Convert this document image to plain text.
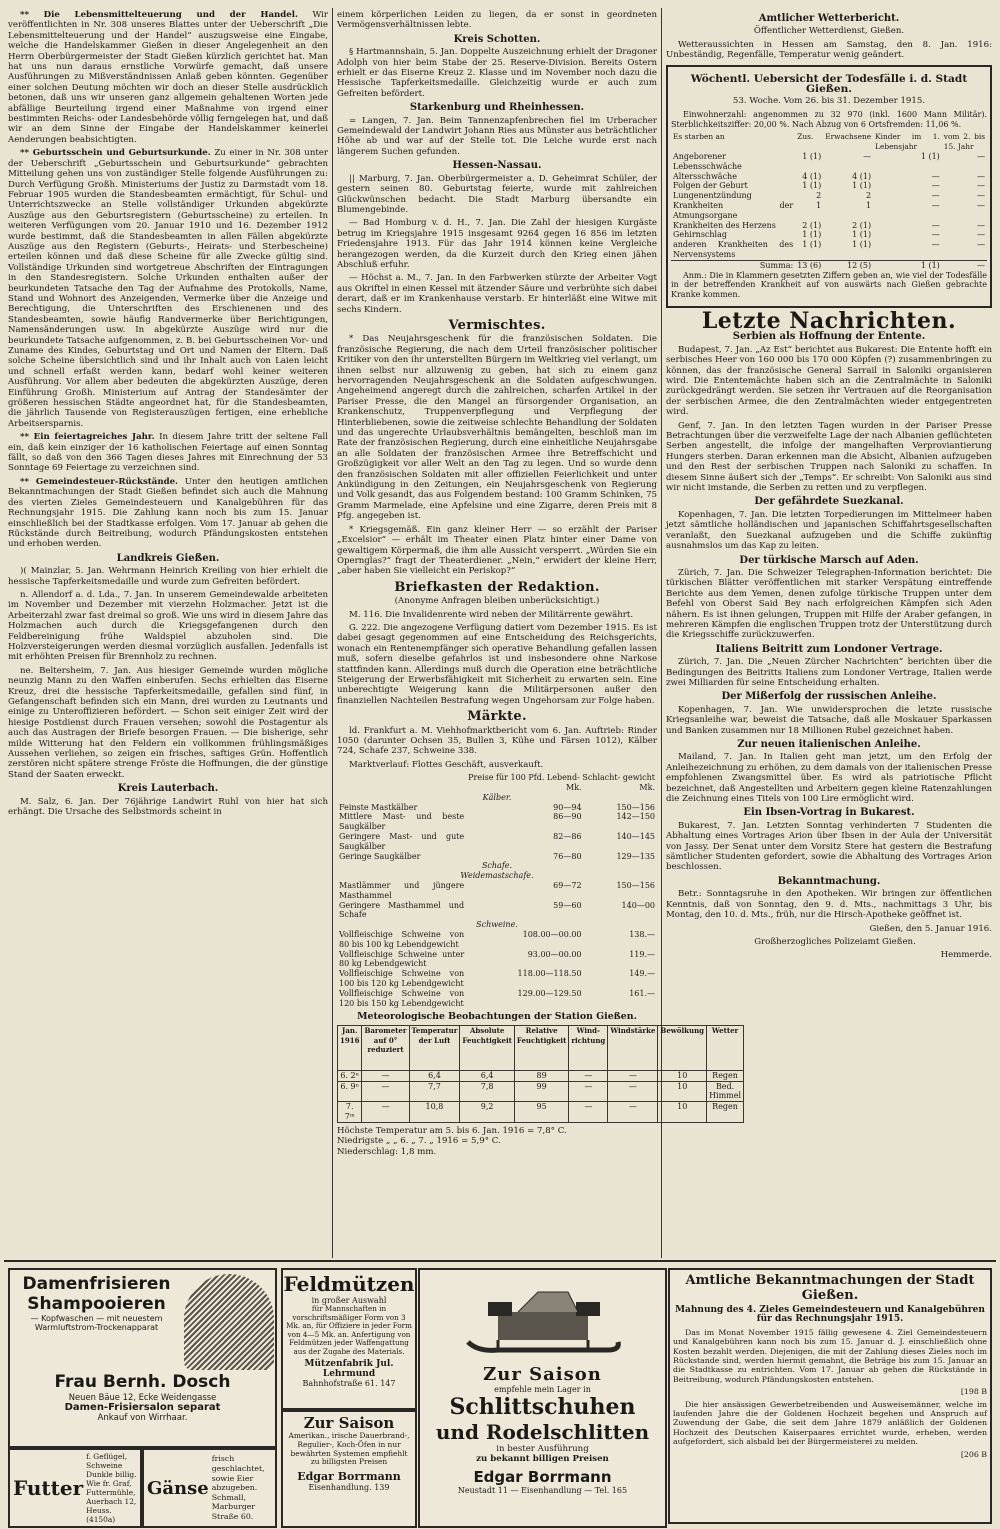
** Die Lebensmittelteuerung und der Handel. Wir veröffentlichten in Nr. 308 unseres Blattes unter der Ueberschrift „Die Lebensmittelteuerung und der Handel“ auszugsweise eine Eingabe, welche die Handelskammer Gießen in dieser Angelegenheit an den Herrn Oberbürgermeister der Stadt Gießen kürzlich gerichtet hat. Man hat uns nun daraus ernstliche Vorwürfe gemacht, daß unsere Ausführungen zu Mißverständnissen Anlaß geben könnten. Gegenüber einer solchen Deutung möchten wir doch an dieser Stelle ausdrücklich betonen, daß uns wir unseren ganz allgemein gehaltenen Worten jede abfällige Beurteilung irgend einer Maßnahme von irgend einer bestimmten Reichs- oder Landesbehörde völlig ferngelegen hat, und daß wir an dem Sinne der Eingabe der Handelskammer keinerlei Aenderungen beabsichtigten.

** Geburtsschein und Geburtsurkunde. Zu einer in Nr. 308 unter der Ueberschrift „Geburtsschein und Geburtsurkunde“ gebrachten Mitteilung gehen uns von zuständiger Stelle folgende Ausführungen zu: Durch Verfügung Großh. Ministeriums der Justiz zu Darmstadt vom 18. Februar 1905 wurden die Standesbeamten ermächtigt, für Schul- und Unterrichtszwecke an Stelle vollständiger Urkunden abgekürzte Auszüge aus den Geburtsregistern (Geburtsscheine) zu erteilen. In weiteren Verfügungen vom 20. Januar 1910 und 16. Dezember 1912 wurde bestimmt, daß die Standesbeamten in allen Fällen abgekürzte Auszüge aus den Registern (Geburts-, Heirats- und Sterbescheine) erteilen können und daß diese Scheine für alle Zwecke gültig sind. Vollständige Urkunden sind wortgetreue Abschriften der Eintragungen in den Standesregistern. Solche Urkunden enthalten außer der beurkundeten Tatsache den Tag der Aufnahme des Protokolls, Name, Stand und Wohnort des Anzeigenden, Vermerke über die Anzeige und Berechtigung, die Unterschriften des Erschienenen und des Standesbeamten, sowie häufig Randvermerke über Berichtigungen, Namensänderungen usw. In abgekürzte Auszüge wird nur die beurkundete Tatsache aufgenommen, z. B. bei Geburtsscheinen Vor- und Zuname des Kindes, Geburtstag und Ort und Namen der Eltern. Daß solche Scheine übersichtlich sind und ihr Inhalt auch von Laien leicht und schnell erfaßt werden kann, bedarf wohl keiner weiteren Ausführung. Vor allem aber bedeuten die abgekürzten Auszüge, deren Einführung Großh. Ministerium auf Antrag der Standesämter der größeren hessischen Städte angeordnet hat, für die Standesbeamten, die jährlich Tausende von Registerauszügen fertigen, eine erhebliche Arbeitsersparnis.

** Ein feiertagreiches Jahr. In diesem Jahre tritt der seltene Fall ein, daß kein einziger der 16 katholischen Feiertage auf einen Sonntag fällt, so daß von den 366 Tagen dieses Jahres mit Einrechnung der 53 Sonntage 69 Feiertage zu verzeichnen sind.

** Gemeindesteuer-Rückstände. Unter den heutigen amtlichen Bekanntmachungen der Stadt Gießen befindet sich auch die Mahnung des vierten Zieles Gemeindesteuern und Kanalgebühren für das Rechnungsjahr 1915. Die Zahlung kann noch bis zum 15. Januar einschließlich bei der Stadtkasse erfolgen. Vom 17. Januar ab gehen die Rückstände durch Beitreibung, wodurch Pfändungskosten entstehen und erhoben werden.

Landkreis Gießen.

)( Mainzlar, 5. Jan. Wehrmann Heinrich Kreiling von hier erhielt die hessische Tapferkeitsmedaille und wurde zum Gefreiten befördert.

n. Allendorf a. d. Lda., 7. Jan. In unserem Gemeindewalde arbeiteten im November und Dezember mit vierzehn Holzmacher. Jetzt ist die Arbeiterzahl zwar fast dreimal so groß. Wie uns wird in diesem Jahre das Holzmachen auch durch die Kriegsgefangenen durch den Feldbereinigung frühe Waldspiel abzuholen sind. Die Holzversteigerungen werden diesmal vorzüglich ausfallen. Jedenfalls ist mit erhöhten Preisen für Brennholz zu rechnen.

ne. Beltersheim, 7. Jan. Aus hiesiger Gemeinde wurden mögliche neunzig Mann zu den Waffen einberufen. Sechs erhielten das Eiserne Kreuz, drei die hessische Tapferkeitsmedaille, gefallen sind fünf, in Gefangenschaft befinden sich ein Mann, drei wurden zu Leutnants und einige zu Unteroffizieren befördert. — Schon seit einiger Zeit wird der hiesige Postdienst durch Frauen versehen; sowohl die Postagentur als auch das Austragen der Briefe besorgen Frauen. — Die bisherige, sehr milde Witterung hat den Feldern ein vollkommen frühlingsmäßiges Aussehen verliehen, so zeigen ein frisches, saftiges Grün. Hoffentlich zerstören nicht spätere strenge Fröste die Hoffnungen, die der günstige Stand der Saaten erweckt.

Kreis Lauterbach.

M. Salz, 6. Jan. Der 76jährige Landwirt Ruhl von hier hat sich erhängt. Die Ursache des Selbstmords scheint in

einem körperlichen Leiden zu liegen, da er sonst in geordneten Vermögensverhältnissen lebte.

Kreis Schotten.

§ Hartmannshain, 5. Jan. Doppelte Auszeichnung erhielt der Dragoner Adolph von hier beim Stabe der 25. Reserve-Division. Bereits Ostern erhielt er das Eiserne Kreuz 2. Klasse und im November noch dazu die Hessische Tapferkeitsmedaille. Gleichzeitig wurde er auch zum Gefreiten befördert.

Starkenburg und Rheinhessen.

= Langen, 7. Jan. Beim Tannenzapfenbrechen fiel im Urberacher Gemeindewald der Landwirt Johann Ries aus Münster aus beträchtlicher Höhe ab und war auf der Stelle tot. Die Leiche wurde erst nach längerem Suchen gefunden.

Hessen-Nassau.

|| Marburg, 7. Jan. Oberbürgermeister a. D. Geheimrat Schüler, der gestern seinen 80. Geburtstag feierte, wurde mit zahlreichen Glückwünschen bedacht. Die Stadt Marburg übersandte ein Blumengebinde.

— Bad Homburg v. d. H., 7. Jan. Die Zahl der hiesigen Kurgäste betrug im Kriegsjahre 1915 insgesamt 9264 gegen 16 856 im letzten Friedensjahre 1913. Für das Jahr 1914 können keine Vergleiche herangezogen werden, da die Kurzeit durch den Krieg einen jähen Abschluß erfuhr.

— Höchst a. M., 7. Jan. In den Farbwerken stürzte der Arbeiter Vogt aus Okriftel in einen Kessel mit ätzender Säure und verbrühte sich dabei derart, daß er im Krankenhause verstarb. Er hinterläßt eine Witwe mit sechs Kindern.

Vermischtes.

* Das Neujahrsgeschenk für die französischen Soldaten. Die französische Regierung, die nach dem Urteil französischer politischer Kritiker von den ihr unterstellten Bürgern im Weltkrieg viel verlangt, um ihnen selbst nur allzuwenig zu geben, hat sich zu einem ganz hervorragenden Neujahrsgeschenk an die Soldaten aufgeschwungen. Angeheimend angeregt durch die zahlreichen, scharfen Artikel in der Pariser Presse, die den Mangel an fürsorgender Organisation, an Krankenschutz, Truppenverpflegung und Verpflegung der Hinterbliebenen, sowie die zeitweise schlechte Behandlung der Soldaten und das ungerechte Urlaubsverhältnis bemängelten, beschloß man im Rate der französischen Regierung, durch eine einheitliche Neujahrsgabe an alle Soldaten der französischen Armee ihre Betreffschicht und Großzügigkeit vor aller Welt an den Tag zu legen. Und so wurde denn den französischen Soldaten mit aller offiziellen Feierlichkeit und unter Ankündigung in den Zeitungen, ein Neujahrsgeschenk von Regierung und Volk gesandt, das aus Folgendem bestand: 100 Gramm Schinken, 75 Gramm Marmelade, eine Apfelsine und eine Zigarre, deren Preis mit 8 Pfg. angegeben ist.

* Kriegsgemäß. Ein ganz kleiner Herr — so erzählt der Pariser „Excelsior“ — erhält im Theater einen Platz hinter einer Dame von gewaltigem Körpermaß, die ihm alle Aussicht versperrt. „Würden Sie ein Opernglas?“ fragt der Theaterdiener. „Nein,“ erwidert der kleine Herr, „aber haben Sie vielleicht ein Periskop?“

Briefkasten der Redaktion.
(Anonyme Anfragen bleiben unberücksichtigt.)

M. 116. Die Invalidenrente wird neben der Militärrente gewährt.

G. 222. Die angezogene Verfügung datiert vom Dezember 1915. Es ist dabei gesagt gegenommen auf eine Entscheidung des Reichsgerichts, wonach ein Rentenempfänger sich operative Behandlung gefallen lassen muß, sofern dieselbe gefahrlos ist und insbesondere ohne Narkose stattfinden kann. Allerdings muß durch die Operation eine beträchtliche Steigerung der Erwerbsfähigkeit mit Sicherheit zu erwarten sein. Eine unberechtigte Weigerung kann die Militärpersonen außer den finanziellen Nachteilen Bestrafung wegen Ungehorsam zur Folge haben.

Märkte.

ld. Frankfurt a. M. Viehhofmarktbericht vom 6. Jan. Auftrieb: Rinder 1050 (darunter Ochsen 35, Bullen 3, Kühe und Färsen 1012), Kälber 724, Schafe 237, Schweine 338.

Marktverlauf: Flottes Geschäft, ausverkauft.

	Preise für 100 Pfd. Lebend- Schlacht- gewicht	
	Mk.	Mk.
Kälber.		
Feinste Mastkälber	90—94	150—156
Mittlere Mast- und beste Saugkälber	86—90	142—150
Geringere Mast- und gute Saugkälber	82—86	140—145
Geringe Saugkälber	76—80	129—135
Schafe.		
Weidemastschafe.		
Mastlämmer und jüngere Masthammel	69—72	150—156
Geringere Masthammel und Schafe	59—60	140—00
Schweine.		
Vollfleischige Schweine von 80 bis 100 kg Lebendgewicht	108.00—00.00	138.—
Vollfleischige Schweine unter 80 kg Lebendgewicht	93.00—00.00	119.—
Vollfleischige Schweine von 100 bis 120 kg Lebendgewicht	118.00—118.50	149.—
Vollfleischige Schweine von 120 bis 150 kg Lebendgewicht	129.00—129.50	161.—
Meteorologische Beobachtungen der Station Gießen.
Jan. 1916	Barometer auf 0° reduziert	Temperatur der Luft	Absolute Feuchtigkeit	Relative Feuchtigkeit	Wind-richtung	Windstärke	Bewölkung	Wetter
6. 2ⁿ	—	6,4	6,4	89	—	—	10	Regen
6. 9ⁿ	—	7,7	7,8	99	—	—	10	Bed. Himmel
7. 7ᵐ	—	10,8	9,2	95	—	—	10	Regen
Höchste Temperatur am 5. bis 6. Jan. 1916 = 7,8° C.
Niedrigste „ „ 6. „ 7. „ 1916 = 5,9° C.
Niederschlag: 1,8 mm.
Amtlicher Wetterbericht.
Öffentlicher Wetterdienst, Gießen.

Wetteraussichten in Hessen am Samstag, den 8. Jan. 1916: Unbeständig, Regenfälle, Temperatur wenig geändert.

Wöchentl. Uebersicht der Todesfälle i. d. Stadt Gießen.
53. Woche. Vom 26. bis 31. Dezember 1915.

Einwohnerzahl: angenommen zu 32 970 (inkl. 1600 Mann Militär). Sterblichkeitsziffer: 20,00 %. Nach Abzug von 6 Ortsfremden: 11,06 %.

Es starben an	Zus.	Erwachsene	Kinder im 1. Lebensjahr	vom 2. bis 15. Jahr
Angeborener Lebensschwäche	1 (1)	—	1 (1)	—
Altersschwäche	4 (1)	4 (1)	—	—
Folgen der Geburt	1 (1)	1 (1)	—	—
Lungenentzündung	2	2	—	—
Krankheiten der Atmungsorgane	1	1	—	—
Krankheiten des Herzens	2 (1)	2 (1)	—	—
Gehirnschlag	1 (1)	1 (1)	—	—
anderen Krankheiten des Nervensystems	1 (1)	1 (1)	—	—
Summa:	13 (6)	12 (5)	1 (1)	—

Anm.: Die in Klammern gesetzten Ziffern geben an, wie viel der Todesfälle in der betreffenden Krankheit auf von auswärts nach Gießen gebrachte Kranke kommen.

Letzte Nachrichten.
Serbien als Hoffnung der Entente.

Budapest, 7. Jan. „Az Est“ berichtet aus Bukarest: Die Entente hofft ein serbisches Heer von 160 000 bis 170 000 Köpfen (?) zusammenbringen zu können, das der französische General Sarrail in Saloniki organisieren wird. Die Ententemächte haben sich an die Zentralmächte in Saloniki zurückgedrängt werden. Sie setzen ihr Vertrauen auf die Reorganisation der serbischen Armee, die den Zentralmächten wieder entgegentreten wird.

Genf, 7. Jan. In den letzten Tagen wurden in der Pariser Presse Betrachtungen über die verzweifelte Lage der nach Albanien geflüchteten Serben angestellt, die infolge der mangelhaften Verproviantierung Hungers sterben. Daran erkennen man die Absicht, Albanien aufzugeben und den Rest der serbischen Truppen nach Saloniki zu schaffen. In diesem Sinne äußert sich der „Temps“. Er schreibt: Von Saloniki aus sind wir nicht imstande, die Serben zu retten und zu verpflegen.

Der gefährdete Suezkanal.

Kopenhagen, 7. Jan. Die letzten Torpedierungen im Mittelmeer haben jetzt sämtliche holländischen und japanischen Schiffahrtsgesellschaften veranlaßt, den Suezkanal aufzugeben und die Schiffe zukünftig ausnahmslos um das Kap zu leiten.

Der türkische Marsch auf Aden.

Zürich, 7. Jan. Die Schweizer Telegraphen-Information berichtet: Die türkischen Blätter veröffentlichen mit starker Verspätung eintreffende Berichte aus dem Yemen, denen zufolge türkische Truppen unter dem Befehl von Oberst Said Bey nach erfolgreichen Kämpfen sich Aden nähern. Es ist ihnen gelungen, Truppen mit Hilfe der Araber gefangen, in mehreren Kämpfen die englischen Truppen trotz der Unterstützung durch die Kriegsschiffe zurückzuwerfen.

Italiens Beitritt zum Londoner Vertrage.

Zürich, 7. Jan. Die „Neuen Zürcher Nachrichten“ berichten über die Bedingungen des Beitritts Italiens zum Londoner Vertrage, Italien werde zwei Milliarden für seine Entscheidung erhalten.

Der Mißerfolg der russischen Anleihe.

Kopenhagen, 7. Jan. Wie unwidersprochen die letzte russische Kriegsanleihe war, beweist die Tatsache, daß alle Moskauer Sparkassen und Banken zusammen nur 18 Millionen Rubel gezeichnet haben.

Zur neuen italienischen Anleihe.

Mailand, 7. Jan. In Italien geht man jetzt, um den Erfolg der Anleihezeichnung zu erhöhen, zu dem damals von der italienischen Presse empfohlenen Zwangsmittel über. Es wird als patriotische Pflicht bezeichnet, daß Angestellten und Arbeitern gegen kleine Ratenzahlungen die Zeichnung eines Titels von 100 Lire ermöglicht wird.

Ein Ibsen-Vortrag in Bukarest.

Bukarest, 7. Jan. Letzten Sonntag verhinderten 7 Studenten die Abhaltung eines Vortrages Arion über Ibsen in der Aula der Universität von Jassy. Der Senat unter dem Vorsitz Stere hat gestern die Bestrafung sämtlicher Studenten gefordert, sowie die Abhaltung des Vortrages Arion beschlossen.

Bekanntmachung.

Betr.: Sonntagsruhe in den Apotheken. Wir bringen zur öffentlichen Kenntnis, daß von Sonntag, den 9. d. Mts., nachmittags 3 Uhr, bis Montag, den 10. d. Mts., früh, nur die Hirsch-Apotheke geöffnet ist.

Gießen, den 5. Januar 1916.

Großherzogliches Polizeiamt Gießen.

Hemmerde.

Damenfrisieren
Shampooieren
— Kopfwaschen — mit neuestem
Warmluftstrom-Trockenapparat
Frau Bernh. Dosch
Neuen Bäue 12, Ecke Weidengasse
Damen-Frisiersalon separat
Ankauf von Wirrhaar.
Futter
f. Geflügel, Schweine Dunkle billig. Wie fr. Graf, Futtermühle, Auerbach 12, Heuss. (4150a)
Gänse
frisch geschlachtet, sowie Eier abzugeben. Schmall, Marburger Straße 60.
Feldmützen
in großer Auswahl
für Mannschaften in vorschriftsmäßiger Form von 3 Mk. an, für Offiziere in jeder Form von 4—5 Mk. an. Anfertigung von Feldmützen jeder Waffengattung aus der Zugabe des Materials.
Mützenfabrik Jul. Lehrmund
Bahnhofstraße 61. 147
Zur Saison
Amerikan., irische Dauerbrand-, Regulier-, Koch-Öfen in nur bewährten Systemen empfiehlt zu billigsten Preisen
Edgar Borrmann
Eisenhandlung. 139
Zur Saison
empfehle mein Lager in
Schlittschuhen
und Rodelschlitten
in bester Ausführung
zu bekannt billigen Preisen
Edgar Borrmann
Neustadt 11 — Eisenhandlung — Tel. 165
Amtliche Bekanntmachungen der Stadt Gießen.
Mahnung des 4. Zieles Gemeindesteuern und Kanalgebühren für das Rechnungsjahr 1915.

Das im Monat November 1915 fällig gewesene 4. Ziel Gemeindesteuern und Kanalgebühren kann noch bis zum 15. Januar d. J. einschließlich ohne Kosten bezahlt werden. Diejenigen, die mit der Zahlung dieses Zieles noch im Rückstande sind, werden hiermit gemahnt, die Beträge bis zum 15. Januar an die Stadtkasse zu entrichten. Vom 17. Januar ab gehen die Rückstände in Beitreibung, wodurch Pfändungskosten entstehen.

[198 B

Die hier ansässigen Gewerbetreibenden und Ausweisemänner, welche im laufenden Jahre die der Goldenen Hochzeit begehen und Anspruch auf Zuwendung der Gabe, die seit dem Jahre 1879 anläßlich der Goldenen Hochzeit des Deutschen Kaiserpaares errichtet wurde, erheben, werden aufgefordert, sich alsbald bei der Bürgermeisterei zu melden.

[206 B
